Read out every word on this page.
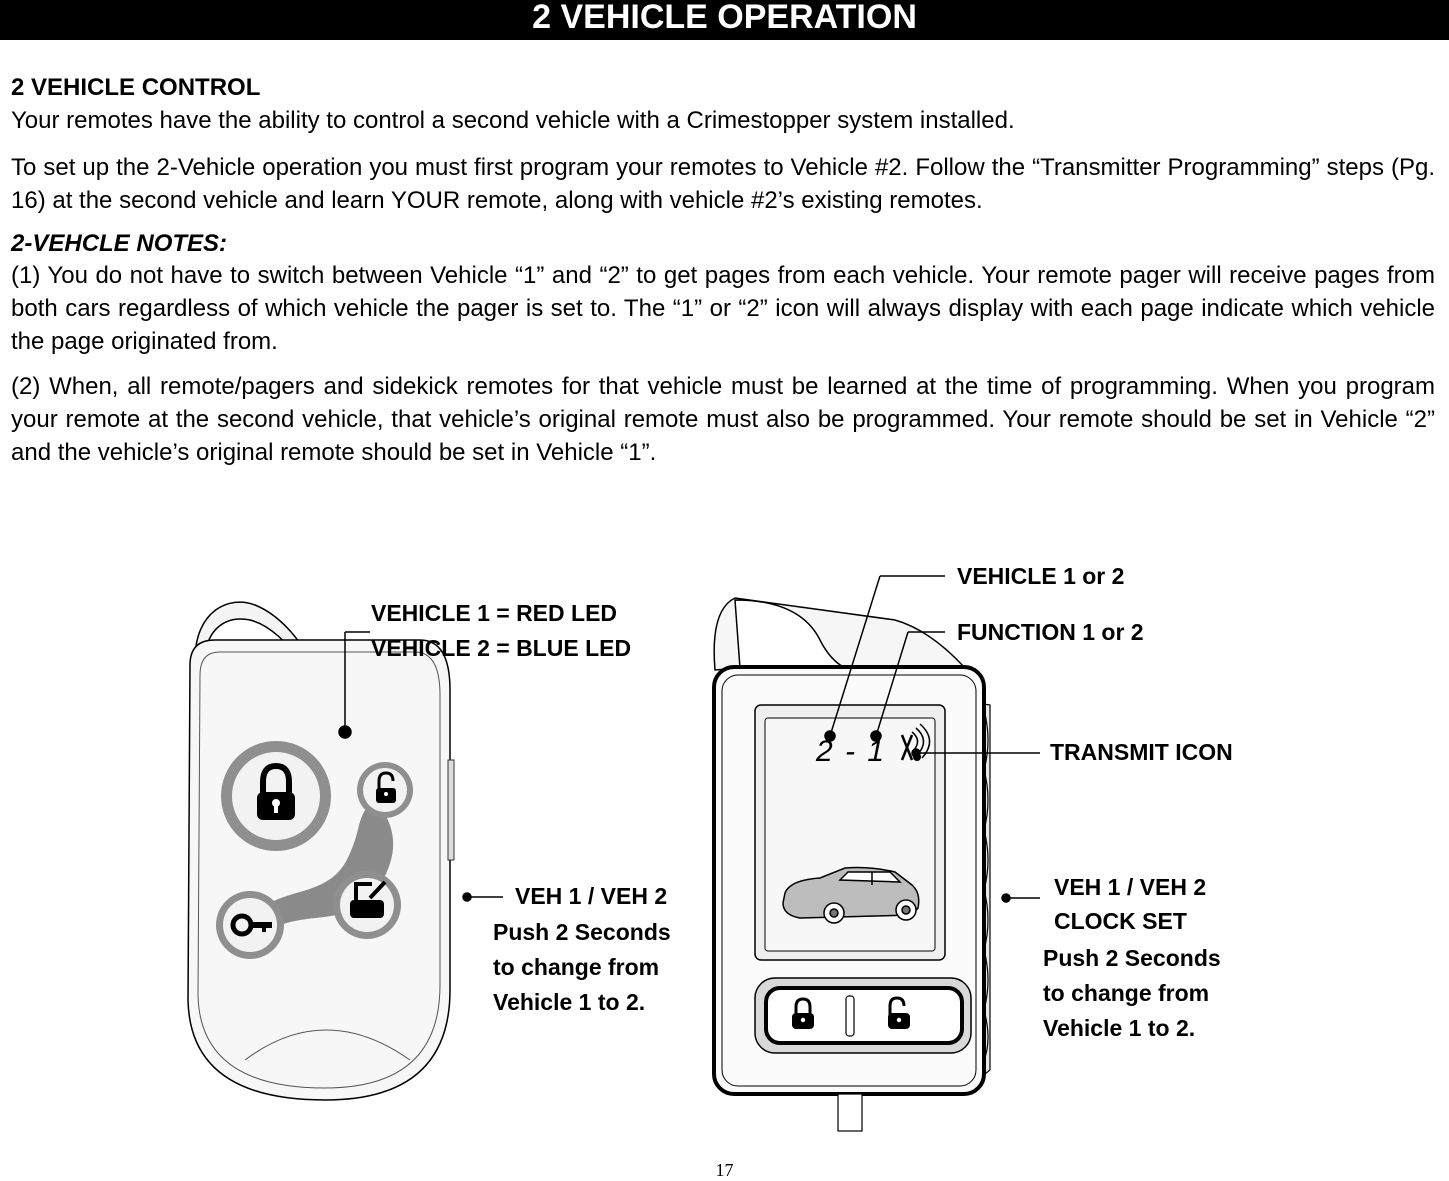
2 VEHICLE OPERATION

2 VEHICLE CONTROL

Your remotes have the ability to control a second vehicle with a Crimestopper system installed.

To set up the 2-Vehicle operation you must first program your remotes to Vehicle #2. Follow the “Transmitter Programming” steps (Pg. 16) at the second vehicle and learn YOUR remote, along with vehicle #2’s existing remotes.

2-VEHCLE NOTES:

(1) You do not have to switch between Vehicle “1” and “2” to get pages from each vehicle. Your remote pager will receive pages from both cars regardless of which vehicle the pager is set to. The “1” or “2” icon will always display with each page indicate which vehicle the page originated from.

(2) When, all remote/pagers and sidekick remotes for that vehicle must be learned at the time of programming. When you program your remote at the second vehicle, that vehicle’s original remote must also be programmed. Your remote should be set in Vehicle “2” and the vehicle’s original remote should be set in Vehicle “1”.

2 - 1
VEHICLE 1 = RED LED
VEHICLE 2 = BLUE LED
VEH 1 / VEH 2
Push 2 Seconds
to change from
Vehicle 1 to 2.
VEHICLE 1 or 2
FUNCTION 1 or 2
TRANSMIT ICON
VEH 1 / VEH 2
CLOCK SET
Push 2 Seconds
to change from
Vehicle 1 to 2.
17
